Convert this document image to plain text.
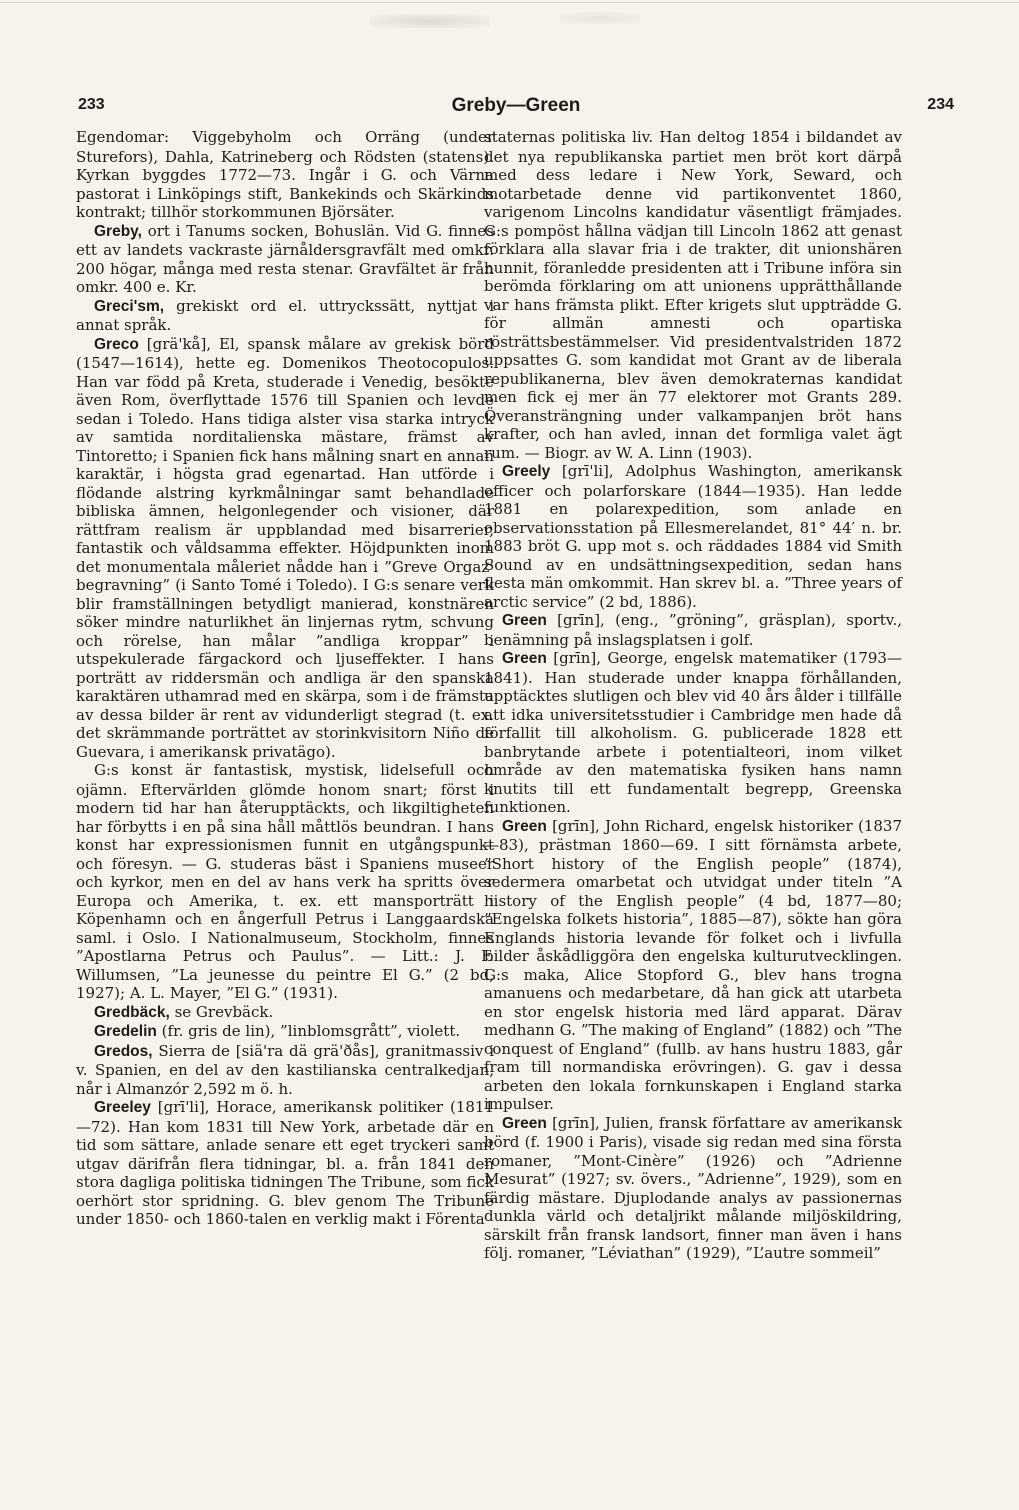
233	Greby—Green	234

Egendomar: Viggebyholm och Orräng (under Sturefors), Dahla, Katrineberg och Rödsten (statens). Kyrkan byggdes 1772—73. Ingår i G. och Värna pastorat i Linköpings stift, Bankekinds och Skärkinds kontrakt; tillhör storkommunen Björsäter.

Greby, ort i Tanums socken, Bohuslän. Vid G. finnes ett av landets vackraste järnåldersgravfält med omkr. 200 högar, många med resta stenar. Gravfältet är från omkr. 400 e. Kr.

Greci'sm, grekiskt ord el. uttryckssätt, nyttjat i annat språk.

Greco [grä'kå], El, spansk målare av grekisk börd (1547—1614), hette eg. Domenikos Theotocopulos. Han var född på Kreta, studerade i Venedig, besökte även Rom, överflyttade 1576 till Spanien och levde sedan i Toledo. Hans tidiga alster visa starka intryck av samtida norditalienska mästare, främst av Tintoretto; i Spanien fick hans målning snart en annan karaktär, i högsta grad egenartad. Han utförde i flödande alstring kyrkmålningar samt behandlade bibliska ämnen, helgonlegender och visioner, där rättfram realism är uppblandad med bisarrerier, fantastik och våldsamma effekter. Höjdpunkten inom det monumentala måleriet nådde han i ”Greve Orgaz’ begravning” (i Santo Tomé i Toledo). I G:s senare verk blir framställningen betydligt manierad, konstnären söker mindre naturlikhet än linjernas rytm, schvung och rörelse, han målar ”andliga kroppar” i utspekulerade färgackord och ljuseffekter. I hans porträtt av riddersmän och andliga är den spanska karaktären uthamrad med en skärpa, som i de främsta av dessa bilder är rent av vidunderligt stegrad (t. ex. det skrämmande porträttet av storinkvisitorn Niño de Guevara, i amerikansk privatägo).

G:s konst är fantastisk, mystisk, lidelsefull och ojämn. Eftervärlden glömde honom snart; först i modern tid har han återupptäckts, och likgiltigheten har förbytts i en på sina håll måttlös beundran. I hans konst har expressionismen funnit en utgångspunkt och föresyn. — G. studeras bäst i Spaniens museer och kyrkor, men en del av hans verk ha spritts över Europa och Amerika, t. ex. ett mansporträtt i Köpenhamn och en ångerfull Petrus i Langgaardska saml. i Oslo. I Nationalmuseum, Stockholm, finnes ”Apostlarna Petrus och Paulus”. — Litt.: J. F. Willumsen, ”La jeunesse du peintre El G.” (2 bd, 1927); A. L. Mayer, ”El G.” (1931).

Gredbäck, se Grevbäck.

Gredelin (fr. gris de lin), ”linblomsgrått”, violett.

Gredos, Sierra de [siä'ra dä grä'ðås], granitmassiv i v. Spanien, en del av den kastilianska centralkedjan, når i Almanzór 2,592 m ö. h.

Greeley [grī'li], Horace, amerikansk politiker (1811—72). Han kom 1831 till New York, arbetade där en tid som sättare, anlade senare ett eget tryckeri samt utgav därifrån flera tidningar, bl. a. från 1841 den stora dagliga politiska tidningen The Tribune, som fick oerhört stor spridning. G. blev genom The Tribune under 1850- och 1860-talen en verklig makt i Förenta

staternas politiska liv. Han deltog 1854 i bildandet av det nya republikanska partiet men bröt kort därpå med dess ledare i New York, Seward, och motarbetade denne vid partikonventet 1860, varigenom Lincolns kandidatur väsentligt främjades. G:s pompöst hållna vädjan till Lincoln 1862 att genast förklara alla slavar fria i de trakter, dit unionshären hunnit, föranledde presidenten att i Tribune införa sin berömda förklaring om att unionens upprätthållande var hans främsta plikt. Efter krigets slut uppträdde G. för allmän amnesti och opartiska rösträttsbestämmelser. Vid presidentvalstriden 1872 uppsattes G. som kandidat mot Grant av de liberala republikanerna, blev även demokraternas kandidat men fick ej mer än 77 elektorer mot Grants 289. Överansträngning under valkampanjen bröt hans krafter, och han avled, innan det formliga valet ägt rum. — Biogr. av W. A. Linn (1903).

Greely [grī'li], Adolphus Washington, amerikansk officer och polarforskare (1844—1935). Han ledde 1881 en polarexpedition, som anlade en observationsstation på Ellesmerelandet, 81° 44′ n. br. 1883 bröt G. upp mot s. och räddades 1884 vid Smith Sound av en undsättningsexpedition, sedan hans flesta män omkommit. Han skrev bl. a. ”Three years of arctic service” (2 bd, 1886).

Green [grīn], (eng., ”gröning”, gräsplan), sportv., benämning på inslagsplatsen i golf.

Green [grīn], George, engelsk matematiker (1793—1841). Han studerade under knappa förhållanden, upptäcktes slutligen och blev vid 40 års ålder i tillfälle att idka universitetsstudier i Cambridge men hade då förfallit till alkoholism. G. publicerade 1828 ett banbrytande arbete i potentialteori, inom vilket område av den matematiska fysiken hans namn knutits till ett fundamentalt begrepp, Greenska funktionen.

Green [grīn], John Richard, engelsk historiker (1837—83), prästman 1860—69. I sitt förnämsta arbete, ”Short history of the English people” (1874), sedermera omarbetat och utvidgat under titeln ”A history of the English people” (4 bd, 1877—80; ”Engelska folkets historia”, 1885—87), sökte han göra Englands historia levande för folket och i livfulla bilder åskådliggöra den engelska kulturutvecklingen. G:s maka, Alice Stopford G., blev hans trogna amanuens och medarbetare, då han gick att utarbeta en stor engelsk historia med lärd apparat. Därav medhann G. ”The making of England” (1882) och ”The conquest of England” (fullb. av hans hustru 1883, går fram till normandiska erövringen). G. gav i dessa arbeten den lokala fornkunskapen i England starka impulser.

Green [grīn], Julien, fransk författare av amerikansk börd (f. 1900 i Paris), visade sig redan med sina första romaner, ”Mont-Cinère” (1926) och ”Adrienne Mesurat” (1927; sv. övers., ”Adrienne”, 1929), som en färdig mästare. Djuplodande analys av passionernas dunkla värld och detaljrikt målande miljöskildring, särskilt från fransk landsort, finner man även i hans följ. romaner, ”Léviathan” (1929), ”L’autre sommeil”
